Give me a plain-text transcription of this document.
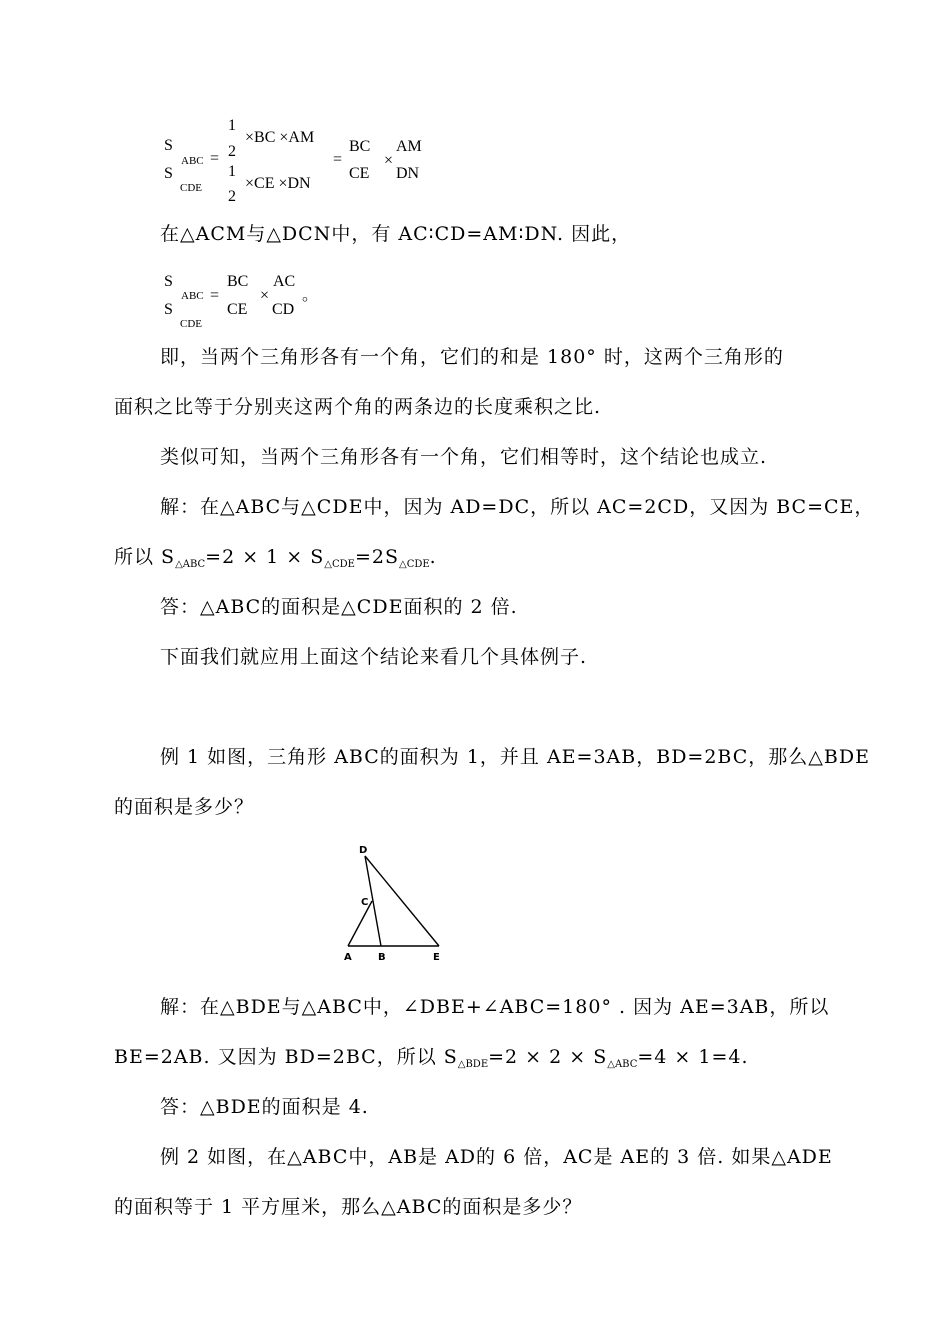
S
ABC
S
CDE
=
1
2
×BC ×AM
1
2
×CE ×DN
=
BC
CE
×
AM
DN
在△ACM与△DCN中，有 AC∶CD=AM∶DN. 因此，
S
ABC
S
CDE
=
BC
CE
×
AC
CD
。
即，当两个三角形各有一个角，它们的和是 180° 时，这两个三角形的
面积之比等于分别夹这两个角的两条边的长度乘积之比.
类似可知，当两个三角形各有一个角，它们相等时，这个结论也成立.
解：在△ABC与△CDE中，因为 AD=DC，所以 AC=2CD，又因为 BC=CE，
所以 $S_{\triangle ABC}=2 \times 1 \times S_{\triangle CDE}=2S_{\triangle CDE}$.
答：△ABC的面积是△CDE面积的 2 倍.
下面我们就应用上面这个结论来看几个具体例子.
例 1 如图，三角形 ABC的面积为 1，并且 AE=3AB，BD=2BC，那么△BDE
的面积是多少？
D
C
A	B	E
解：在△BDE与△ABC中，∠DBE+∠ABC=180° . 因为 AE=3AB，所以
BE=2AB. 又因为 BD=2BC，所以 $S_{\triangle BDE}=2 \times 2 \times S_{\triangle ABC}=4 \times 1=4$.
答：△BDE的面积是 4.
例 2 如图，在△ABC中，AB是 AD的 6 倍，AC是 AE的 3 倍. 如果△ADE
的面积等于 1 平方厘米，那么△ABC的面积是多少？
